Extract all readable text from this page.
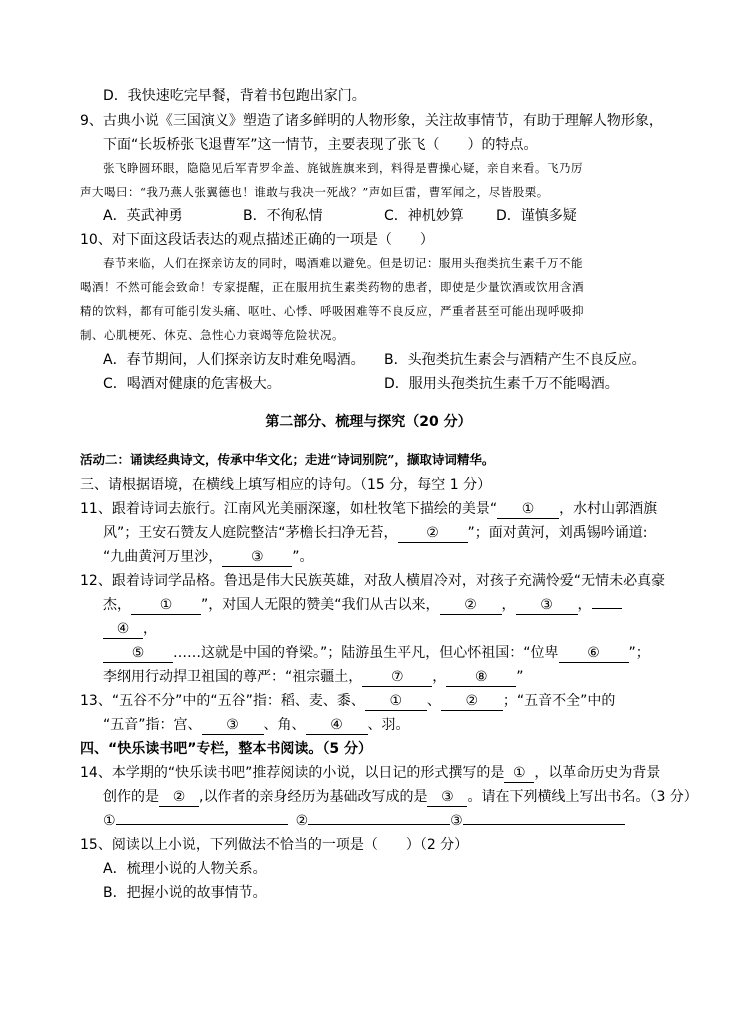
D．我快速吃完早餐，背着书包跑出家门。
9、古典小说《三国演义》塑造了诸多鲜明的人物形象，关注故事情节，有助于理解人物形象，
下面“长坂桥张飞退曹军”这一情节，主要表现了张飞（　　）的特点。
张飞睁圆环眼，隐隐见后军青罗伞盖、旄钺旌旗来到，料得是曹操心疑，亲自来看。飞乃厉
声大喝曰：“我乃燕人张翼德也！谁敢与我决一死战？”声如巨雷，曹军闻之，尽皆股栗。
A．英武神勇	B．不徇私情	C．神机妙算 D．谨慎多疑
10、对下面这段话表达的观点描述正确的一项是（　　）
春节来临，人们在探亲访友的同时，喝酒难以避免。但是切记：服用头孢类抗生素千万不能
喝酒！不然可能会致命！专家提醒，正在服用抗生素类药物的患者，即使是少量饮酒或饮用含酒
精的饮料，都有可能引发头痛、呕吐、心悸、呼吸困难等不良反应，严重者甚至可能出现呼吸抑
制、心肌梗死、休克、急性心力衰竭等危险状况。
A．春节期间，人们探亲访友时难免喝酒。 B．头孢类抗生素会与酒精产生不良反应。
C．喝酒对健康的危害极大。	D．服用头孢类抗生素千万不能喝酒。
第二部分、梳理与探究（20 分）
活动二：诵读经典诗文，传承中华文化；走进“诗词别院”，撷取诗词精华。
三、请根据语境，在横线上填写相应的诗句。（15 分，每空 1 分）
11、跟着诗词去旅行。江南风光美丽深邃，如杜牧笔下描绘的美景“ ① ，水村山郭酒旗
风”；王安石赞友人庭院整洁“茅檐长扫净无苔， ② ”；面对黄河，刘禹锡吟诵道:
“九曲黄河万里沙， ③ ”。
12、跟着诗词学品格。鲁迅是伟大民族英雄，对敌人横眉冷对，对孩子充满怜爱“无情未必真豪
杰， ① ”，对国人无限的赞美“我们从古以来， ② ， ③ ，
④ ，
⑤ ……这就是中国的脊梁。”；陆游虽生平凡，但心怀祖国：“位卑 ⑥ ”；
李纲用行动捍卫祖国的尊严：“祖宗疆土， ⑦ ， ⑧ ”
13、“五谷不分”中的“五谷”指：稻、麦、黍、 ① 、 ② ；“五音不全”中的
“五音”指：宫、 ③ 、角、 ④ 、羽。
四、“快乐读书吧”专栏，整本书阅读。（5 分）
14、本学期的“快乐读书吧”推荐阅读的小说，以日记的形式撰写的是 ① ，以革命历史为背景
创作的是 ② ,以作者的亲身经历为基础改写成的是 ③ 。请在下列横线上写出书名。（3 分）
①	②	③
15、阅读以上小说，下列做法不恰当的一项是（　　）（2 分）
A．梳理小说的人物关系。
B．把握小说的故事情节。
